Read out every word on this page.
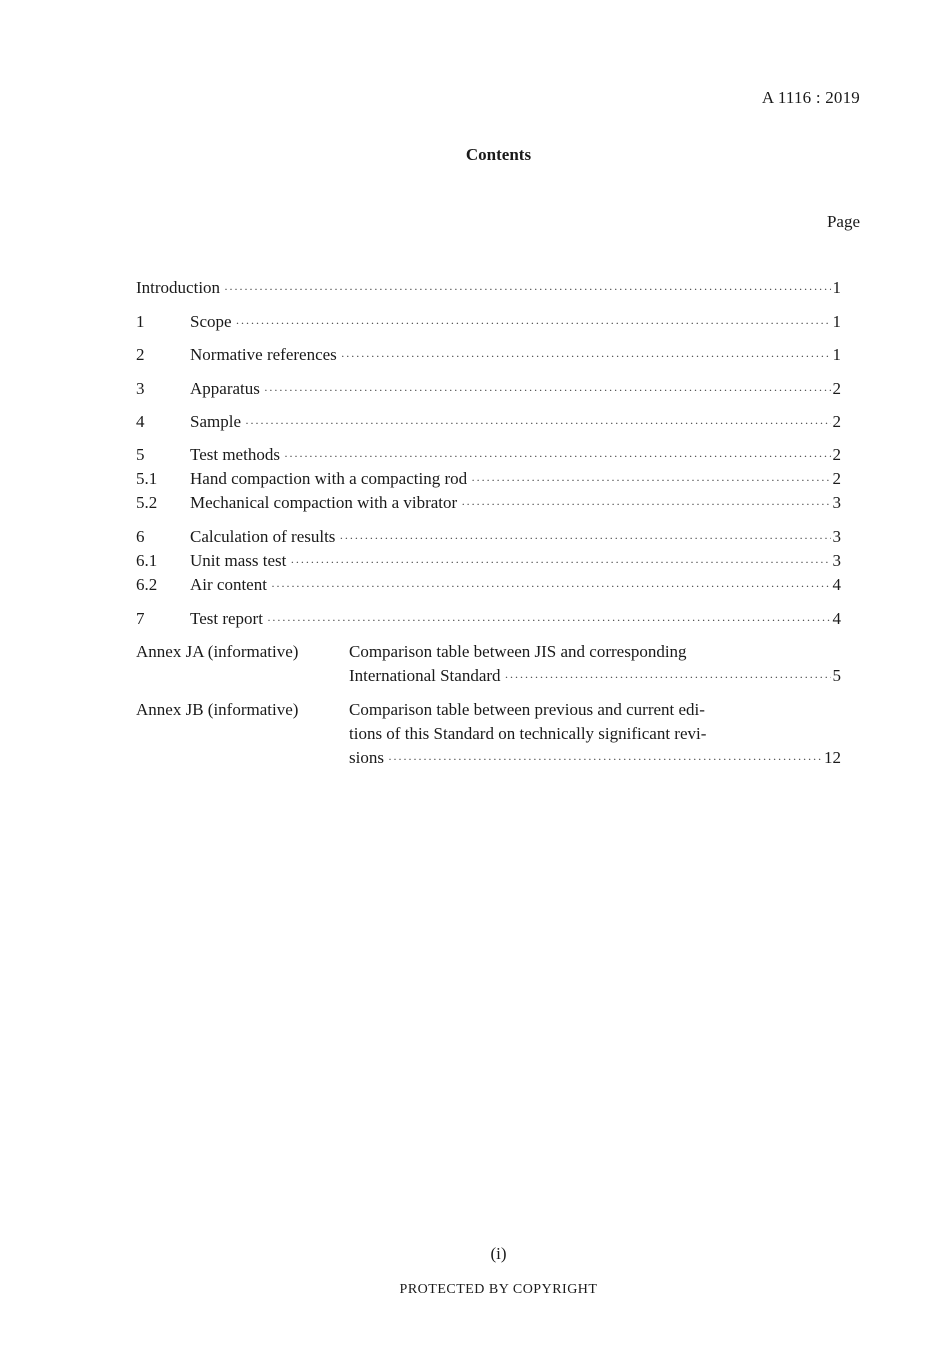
A 1116 : 2019
Contents
Page
Introduction ·····	1
1	Scope ·····	1
2	Normative references ·····	1
3	Apparatus ·····	2
4	Sample ·····	2
5	Test methods ·····	2
5.1	Hand compaction with a compacting rod ·····	2
5.2	Mechanical compaction with a vibrator ·····	3
6	Calculation of results ·····	3
6.1	Unit mass test ·····	3
6.2	Air content ·····	4
7	Test report ·····	4
Annex JA (informative)	Comparison table between JIS and corresponding
International Standard ·····	5
Annex JB (informative)	Comparison table between previous and current edi-
tions of this Standard on technically significant revi-
sions ·····	12
(i)
PROTECTED BY COPYRIGHT
